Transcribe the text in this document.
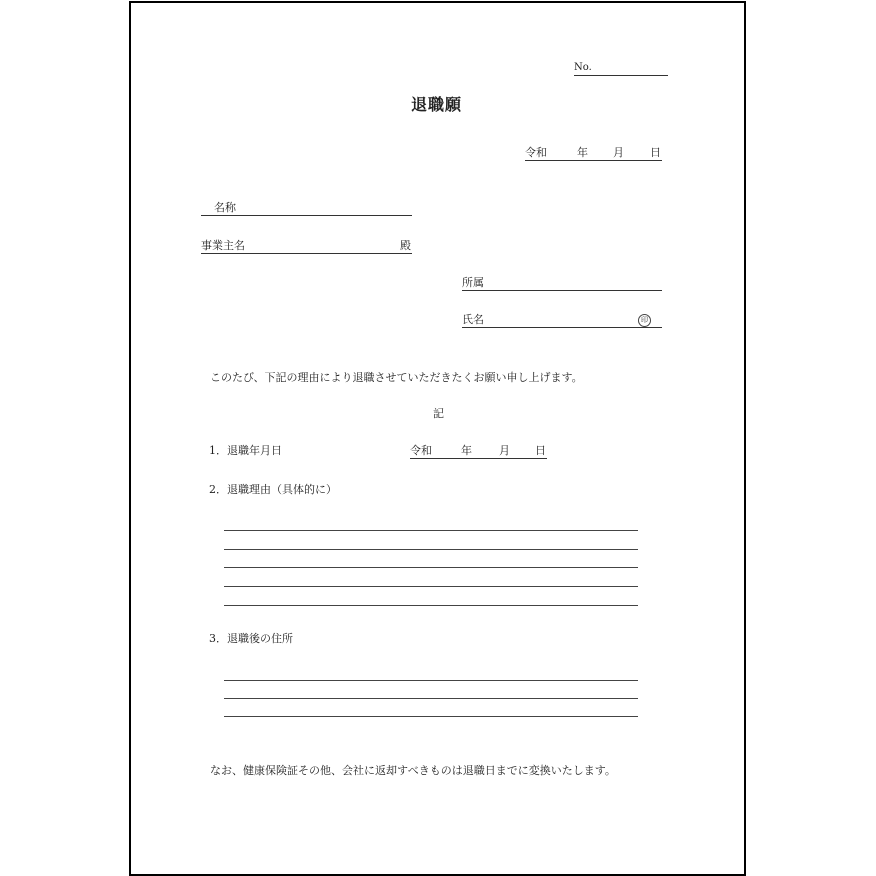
No.
退職願
令和	年 月 日
名称
事業主名	殿
所属
氏名	印
このたび、下記の理由により退職させていただきたくお願い申し上げます。
記
1．退職年月日	令和	年 月 日
2．退職理由（具体的に）
3．退職後の住所
なお、健康保険証その他、会社に返却すべきものは退職日までに変換いたします。
